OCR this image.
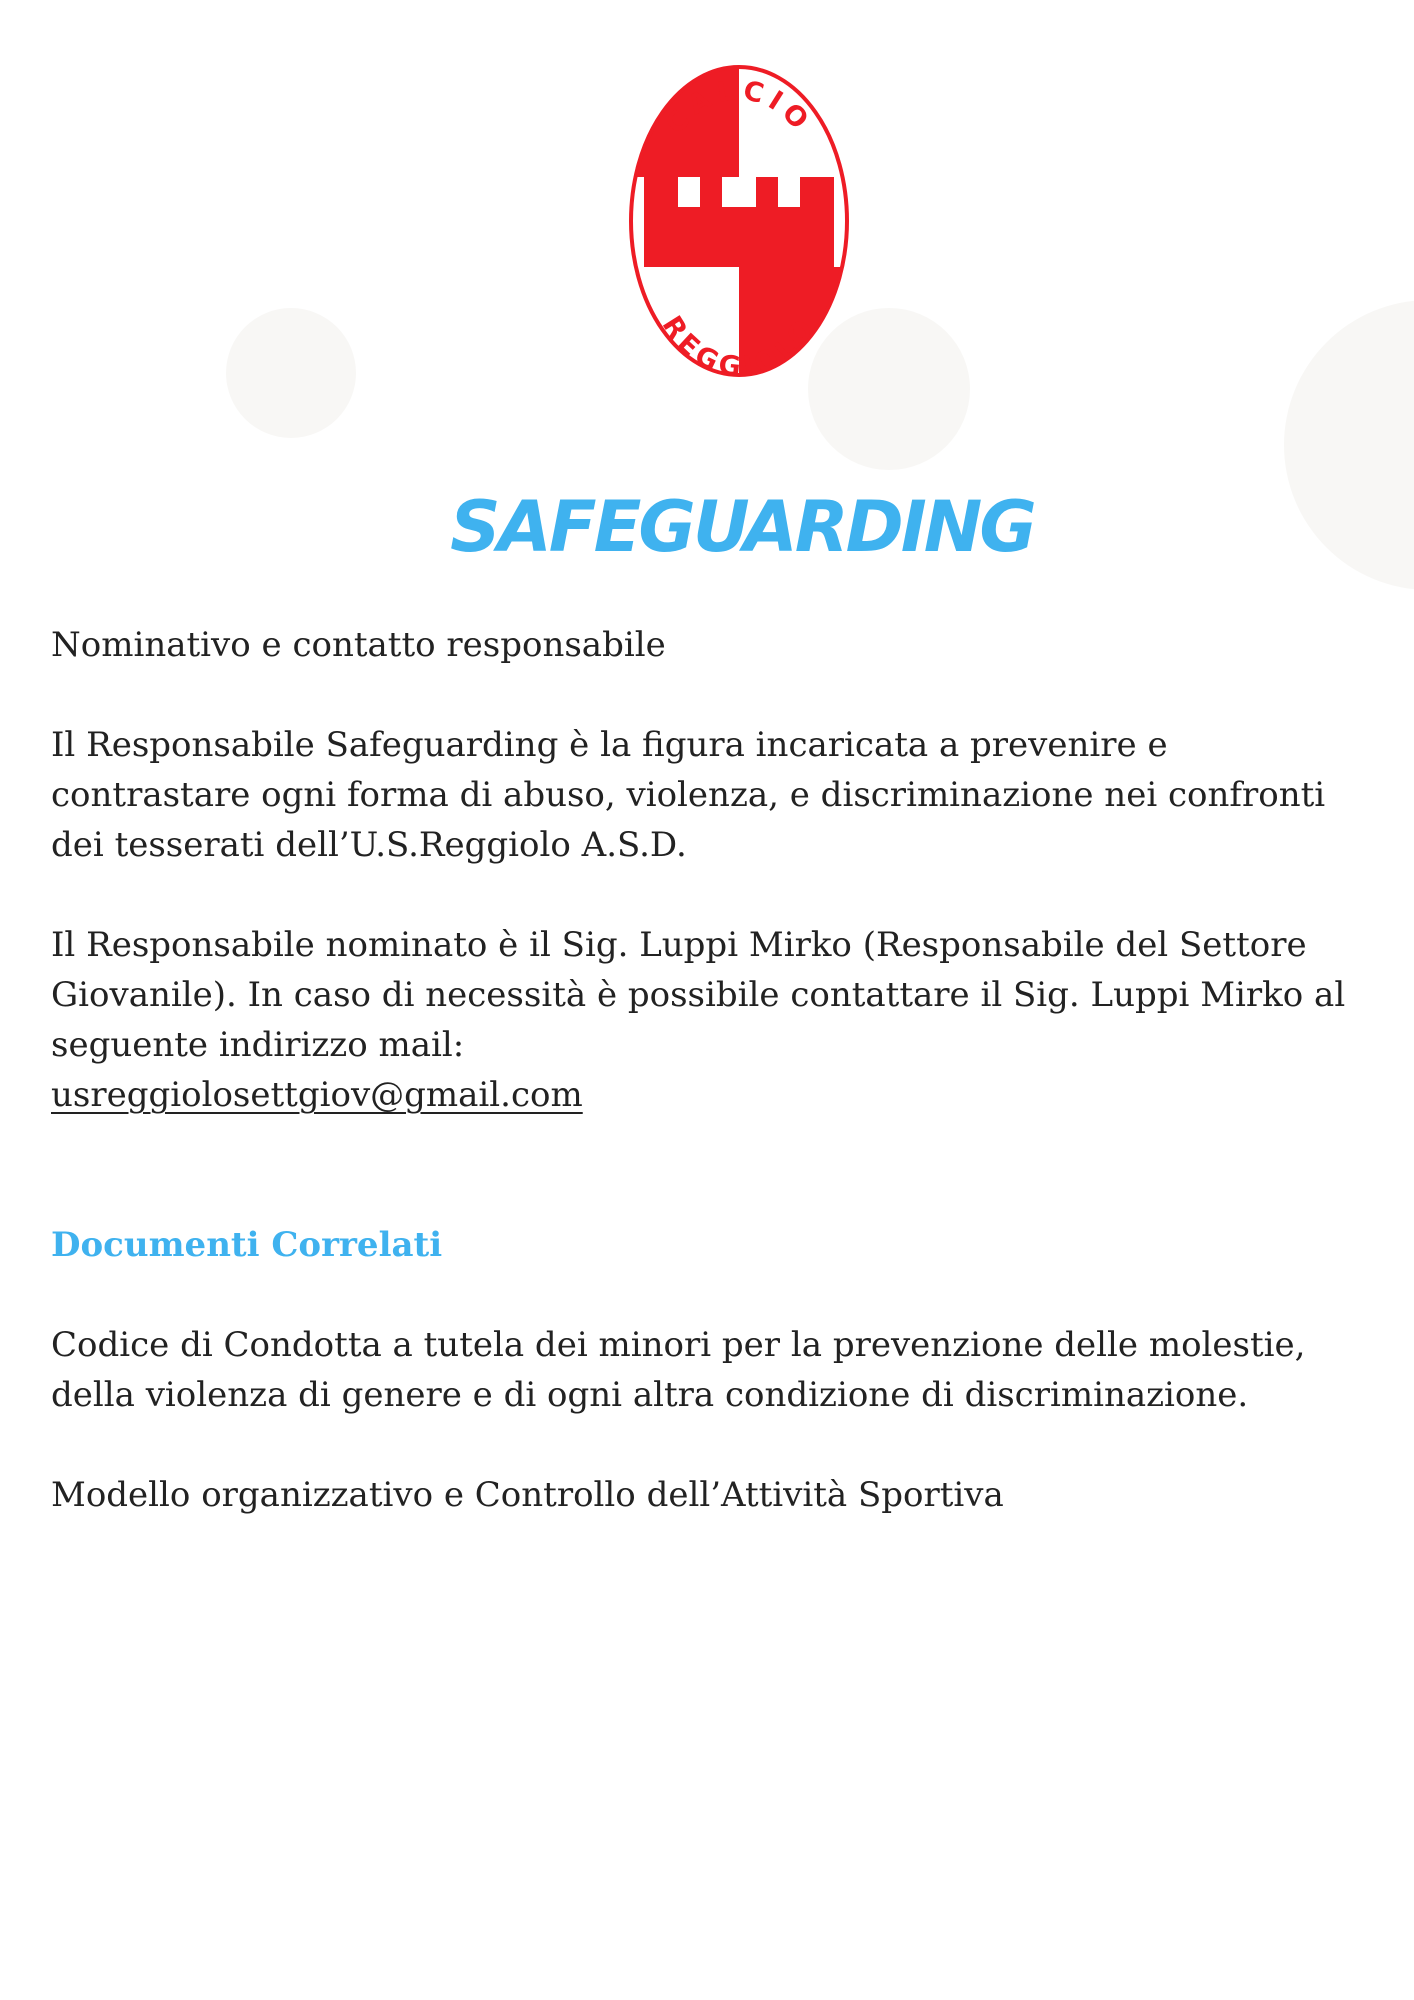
CALCIO
REGGIOLO
SAFEGUARDING
Nominativo e contatto responsabile
Il Responsabile Safeguarding è la figura incaricata a prevenire e contrastare ogni forma di abuso, violenza, e discriminazione nei confronti dei tesserati dell’U.S.Reggiolo A.S.D.
Il Responsabile nominato è il Sig. Luppi Mirko (Responsabile del Settore Giovanile). In caso di necessità è possibile contattare il Sig. Luppi Mirko al seguente indirizzo mail:
usreggiolosettgiov@gmail.com
Documenti Correlati
Codice di Condotta a tutela dei minori per la prevenzione delle molestie, della violenza di genere e di ogni altra condizione di discriminazione.
Modello organizzativo e Controllo dell’Attività Sportiva
